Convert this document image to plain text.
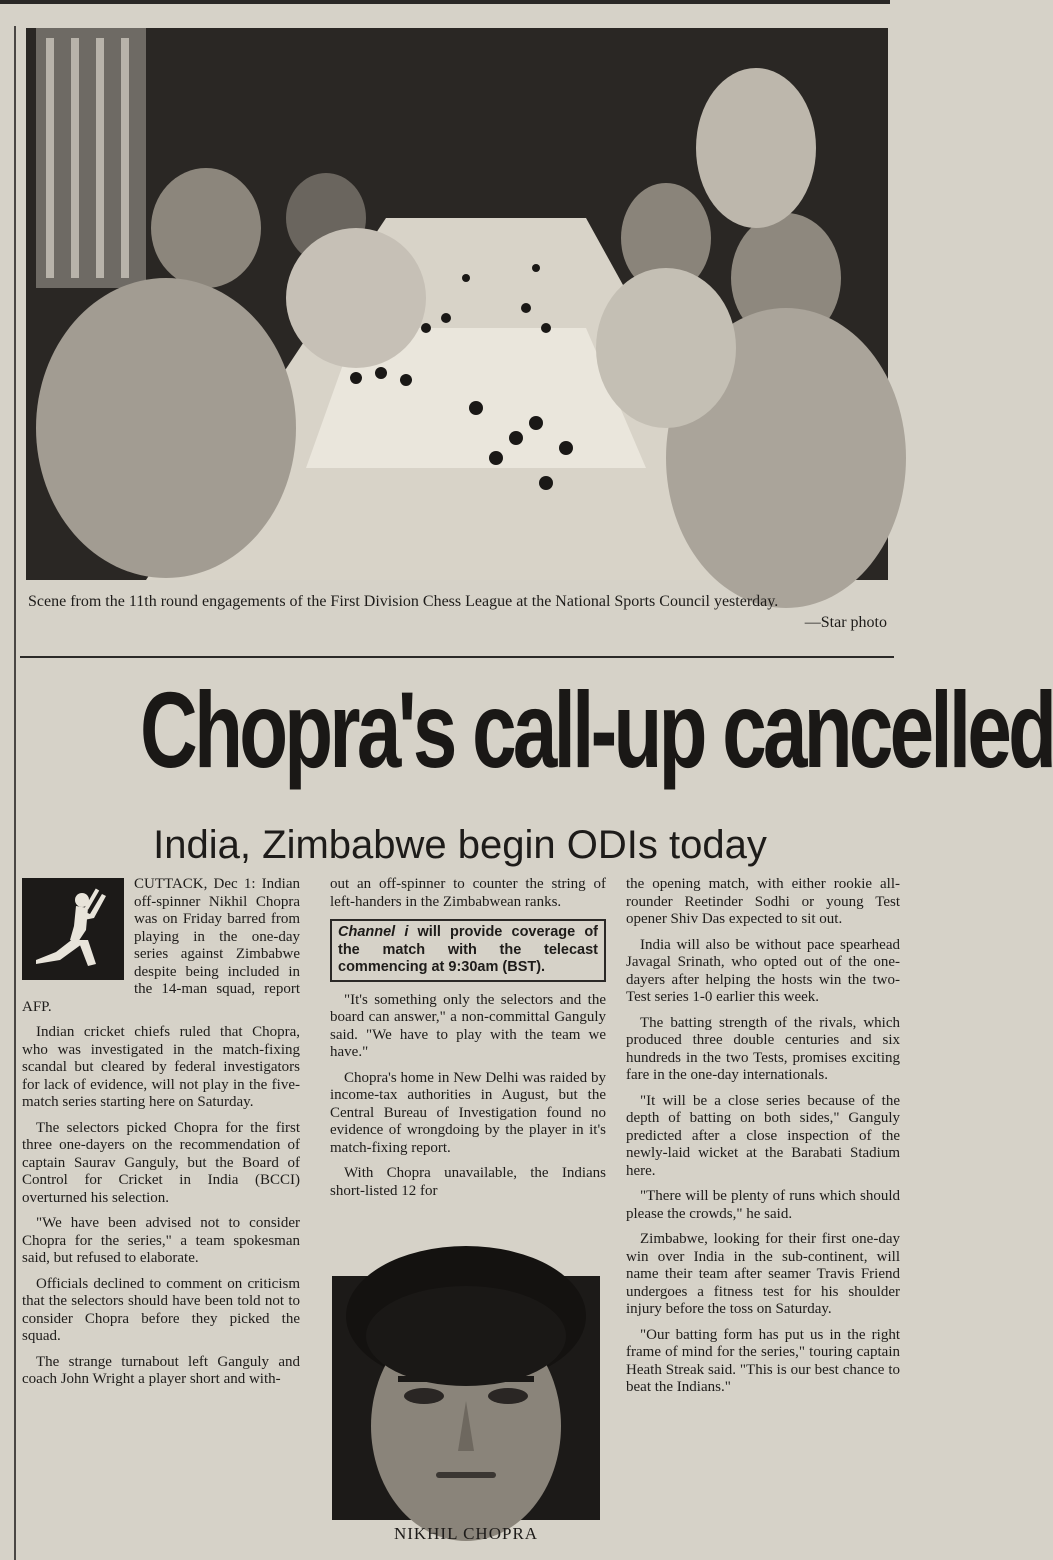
Scene from the 11th round engagements of the First Division Chess League at the National Sports Council yesterday.
—Star photo
Chopra's call-up cancelled
India, Zimbabwe begin ODIs today

CUTTACK, Dec 1: Indian off-spinner Nikhil Chopra was on Friday barred from playing in the one-day series against Zimbabwe despite being included in the 14-man squad, report AFP.

Indian cricket chiefs ruled that Chopra, who was investigated in the match-fixing scandal but cleared by federal investigators for lack of evidence, will not play in the five-match series starting here on Saturday.

The selectors picked Chopra for the first three one-dayers on the recommendation of captain Saurav Ganguly, but the Board of Control for Cricket in India (BCCI) overturned his selection.

"We have been advised not to consider Chopra for the series," a team spokesman said, but refused to elaborate.

Officials declined to comment on criticism that the selectors should have been told not to consider Chopra before they picked the squad.

The strange turnabout left Ganguly and coach John Wright a player short and with-

out an off-spinner to counter the string of left-handers in the Zimbabwean ranks.

Channel i will provide coverage of the match with the telecast commencing at 9:30am (BST).

"It's something only the selectors and the board can answer," a non-committal Ganguly said. "We have to play with the team we have."

Chopra's home in New Delhi was raided by income-tax authorities in August, but the Central Bureau of Investigation found no evidence of wrongdoing by the player in it's match-fixing report.

With Chopra unavailable, the Indians short-listed 12 for

NIKHIL CHOPRA

the opening match, with either rookie all-rounder Reetinder Sodhi or young Test opener Shiv Das expected to sit out.

India will also be without pace spearhead Javagal Srinath, who opted out of the one-dayers after helping the hosts win the two-Test series 1-0 earlier this week.

The batting strength of the rivals, which produced three double centuries and six hundreds in the two Tests, promises exciting fare in the one-day internationals.

"It will be a close series because of the depth of batting on both sides," Ganguly predicted after a close inspection of the newly-laid wicket at the Barabati Stadium here.

"There will be plenty of runs which should please the crowds," he said.

Zimbabwe, looking for their first one-day win over India in the sub-continent, will name their team after seamer Travis Friend undergoes a fitness test for his shoulder injury before the toss on Saturday.

"Our batting form has put us in the right frame of mind for the series," touring captain Heath Streak said. "This is our best chance to beat the Indians."
